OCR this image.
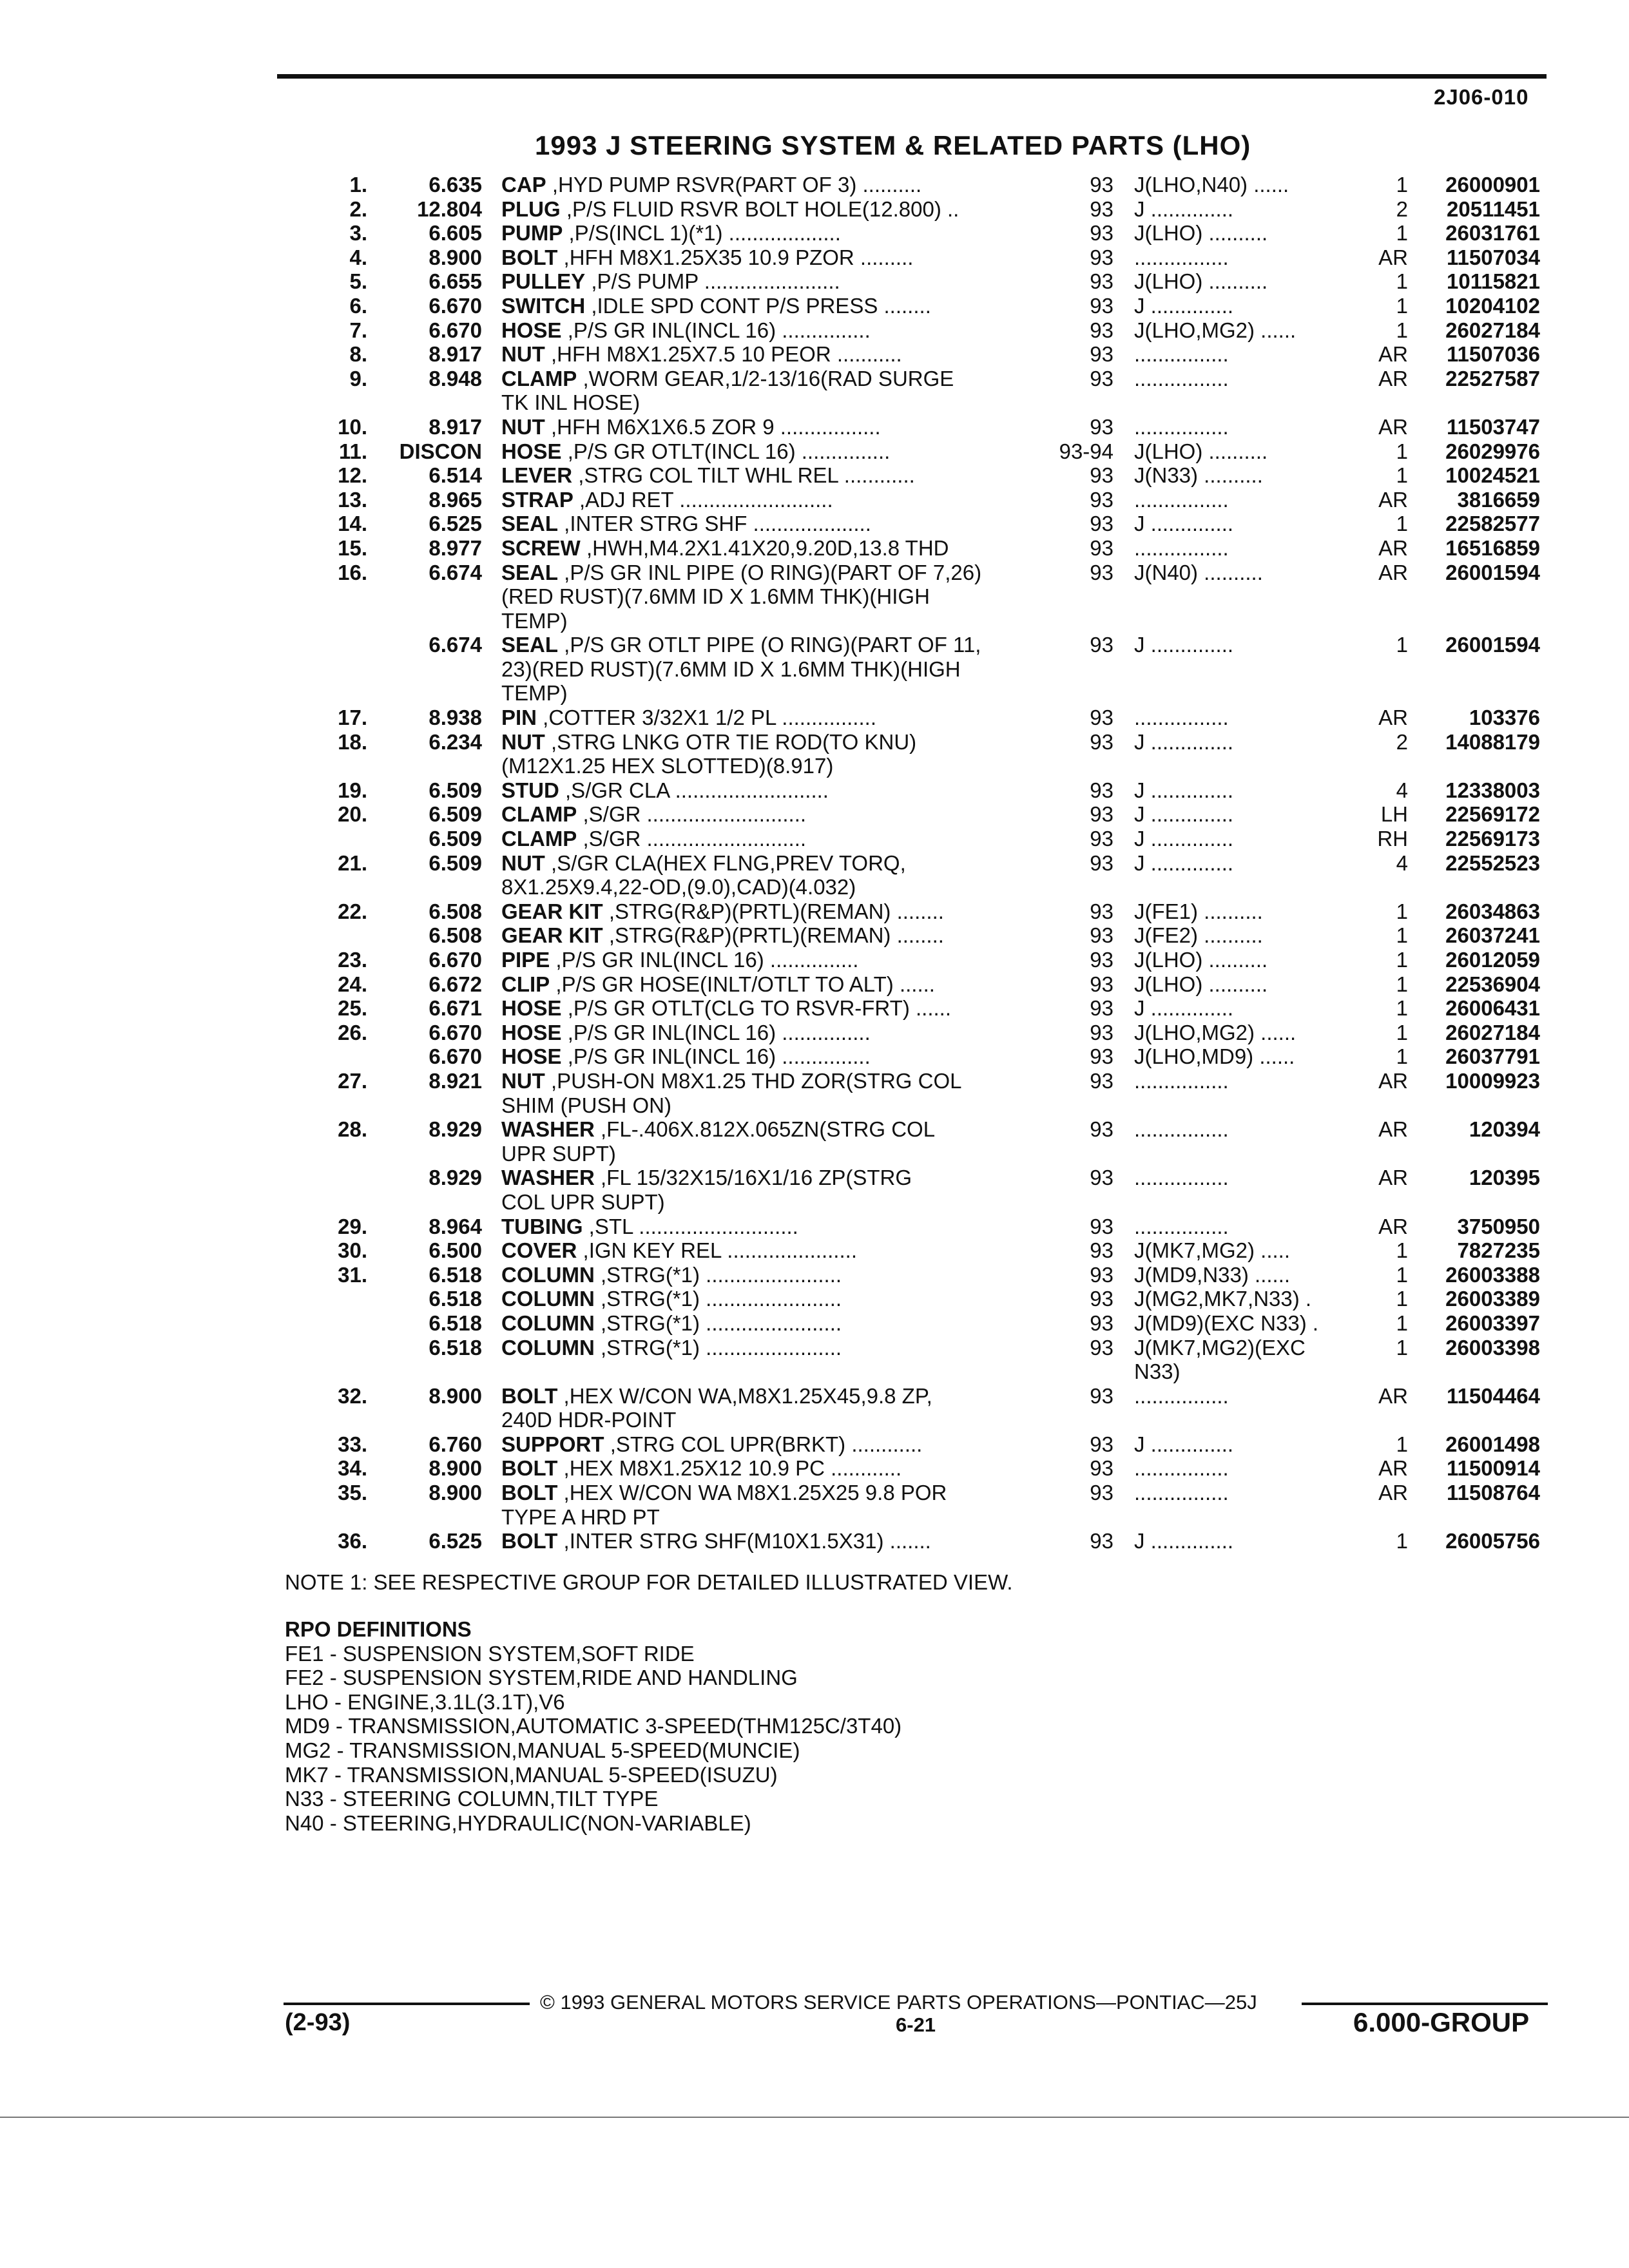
2J06-010
1993 J STEERING SYSTEM & RELATED PARTS (LHO)
1.	6.635 CAP ,HYD PUMP RSVR(PART OF 3) ..........	93 J(LHO,N40) ......	1	26000901
2.	12.804 PLUG ,P/S FLUID RSVR BOLT HOLE(12.800) ..	93 J ..............	2	20511451
3.	6.605 PUMP ,P/S(INCL 1)(*1) ...................	93 J(LHO) ..........	1	26031761
4.	8.900 BOLT ,HFH M8X1.25X35 10.9 PZOR .........	93 ................	AR	11507034
5.	6.655 PULLEY ,P/S PUMP .......................	93 J(LHO) ..........	1	10115821
6.	6.670 SWITCH ,IDLE SPD CONT P/S PRESS ........	93 J ..............	1	10204102
7.	6.670 HOSE ,P/S GR INL(INCL 16) ...............	93 J(LHO,MG2) ......	1	26027184
8.	8.917 NUT ,HFH M8X1.25X7.5 10 PEOR ...........	93 ................	AR	11507036
9.	8.948 CLAMP ,WORM GEAR,1/2-13/16(RAD SURGE	93 ................	AR	22527587
TK INL HOSE)
10.	8.917 NUT ,HFH M6X1X6.5 ZOR 9 .................	93 ................	AR	11503747
11.	DISCON HOSE ,P/S GR OTLT(INCL 16) ...............	93-94 J(LHO) ..........	1	26029976
12.	6.514 LEVER ,STRG COL TILT WHL REL ............	93 J(N33) ..........	1	10024521
13.	8.965 STRAP ,ADJ RET ..........................	93 ................	AR	3816659
14.	6.525 SEAL ,INTER STRG SHF ....................	93 J ..............	1	22582577
15.	8.977 SCREW ,HWH,M4.2X1.41X20,9.20D,13.8 THD	93 ................	AR	16516859
16.	6.674 SEAL ,P/S GR INL PIPE (O RING)(PART OF 7,26)	93 J(N40) ..........	AR	26001594
(RED RUST)(7.6MM ID X 1.6MM THK)(HIGH
TEMP)
6.674 SEAL ,P/S GR OTLT PIPE (O RING)(PART OF 11,	93 J ..............	1	26001594
23)(RED RUST)(7.6MM ID X 1.6MM THK)(HIGH
TEMP)
17.	8.938 PIN ,COTTER 3/32X1 1/2 PL ................	93 ................	AR	103376
18.	6.234 NUT ,STRG LNKG OTR TIE ROD(TO KNU)	93 J ..............	2	14088179
(M12X1.25 HEX SLOTTED)(8.917)
19.	6.509 STUD ,S/GR CLA ..........................	93 J ..............	4	12338003
20.	6.509 CLAMP ,S/GR ...........................	93 J ..............	LH	22569172
6.509 CLAMP ,S/GR ...........................	93 J ..............	RH	22569173
21.	6.509 NUT ,S/GR CLA(HEX FLNG,PREV TORQ,	93 J ..............	4	22552523
8X1.25X9.4,22-OD,(9.0),CAD)(4.032)
22.	6.508 GEAR KIT ,STRG(R&P)(PRTL)(REMAN) ........	93 J(FE1) ..........	1	26034863
6.508 GEAR KIT ,STRG(R&P)(PRTL)(REMAN) ........	93 J(FE2) ..........	1	26037241
23.	6.670 PIPE ,P/S GR INL(INCL 16) ...............	93 J(LHO) ..........	1	26012059
24.	6.672 CLIP ,P/S GR HOSE(INLT/OTLT TO ALT) ......	93 J(LHO) ..........	1	22536904
25.	6.671 HOSE ,P/S GR OTLT(CLG TO RSVR-FRT) ......	93 J ..............	1	26006431
26.	6.670 HOSE ,P/S GR INL(INCL 16) ...............	93 J(LHO,MG2) ......	1	26027184
6.670 HOSE ,P/S GR INL(INCL 16) ...............	93 J(LHO,MD9) ......	1	26037791
27.	8.921 NUT ,PUSH-ON M8X1.25 THD ZOR(STRG COL	93 ................	AR	10009923
SHIM (PUSH ON)
28.	8.929 WASHER ,FL-.406X.812X.065ZN(STRG COL	93 ................	AR	120394
UPR SUPT)
8.929 WASHER ,FL 15/32X15/16X1/16 ZP(STRG	93 ................	AR	120395
COL UPR SUPT)
29.	8.964 TUBING ,STL ...........................	93 ................	AR	3750950
30.	6.500 COVER ,IGN KEY REL ......................	93 J(MK7,MG2) .....	1	7827235
31.	6.518 COLUMN ,STRG(*1) .......................	93 J(MD9,N33) ......	1	26003388
6.518 COLUMN ,STRG(*1) .......................	93 J(MG2,MK7,N33) .	1	26003389
6.518 COLUMN ,STRG(*1) .......................	93 J(MD9)(EXC N33) .	1	26003397
6.518 COLUMN ,STRG(*1) .......................	93 J(MK7,MG2)(EXC	1	26003398
N33)
32.	8.900 BOLT ,HEX W/CON WA,M8X1.25X45,9.8 ZP,	93 ................	AR	11504464
240D HDR-POINT
33.	6.760 SUPPORT ,STRG COL UPR(BRKT) ............	93 J ..............	1	26001498
34.	8.900 BOLT ,HEX M8X1.25X12 10.9 PC ............	93 ................	AR	11500914
35.	8.900 BOLT ,HEX W/CON WA M8X1.25X25 9.8 POR	93 ................	AR	11508764
TYPE A HRD PT
36.	6.525 BOLT ,INTER STRG SHF(M10X1.5X31) .......	93 J ..............	1	26005756
NOTE 1: SEE RESPECTIVE GROUP FOR DETAILED ILLUSTRATED VIEW.
RPO DEFINITIONS
FE1 - SUSPENSION SYSTEM,SOFT RIDE
FE2 - SUSPENSION SYSTEM,RIDE AND HANDLING
LHO - ENGINE,3.1L(3.1T),V6
MD9 - TRANSMISSION,AUTOMATIC 3-SPEED(THM125C/3T40)
MG2 - TRANSMISSION,MANUAL 5-SPEED(MUNCIE)
MK7 - TRANSMISSION,MANUAL 5-SPEED(ISUZU)
N33 - STEERING COLUMN,TILT TYPE
N40 - STEERING,HYDRAULIC(NON-VARIABLE)
© 1993 GENERAL MOTORS SERVICE PARTS OPERATIONS—PONTIAC—25J
(2-93)	6-21	6.000-GROUP
